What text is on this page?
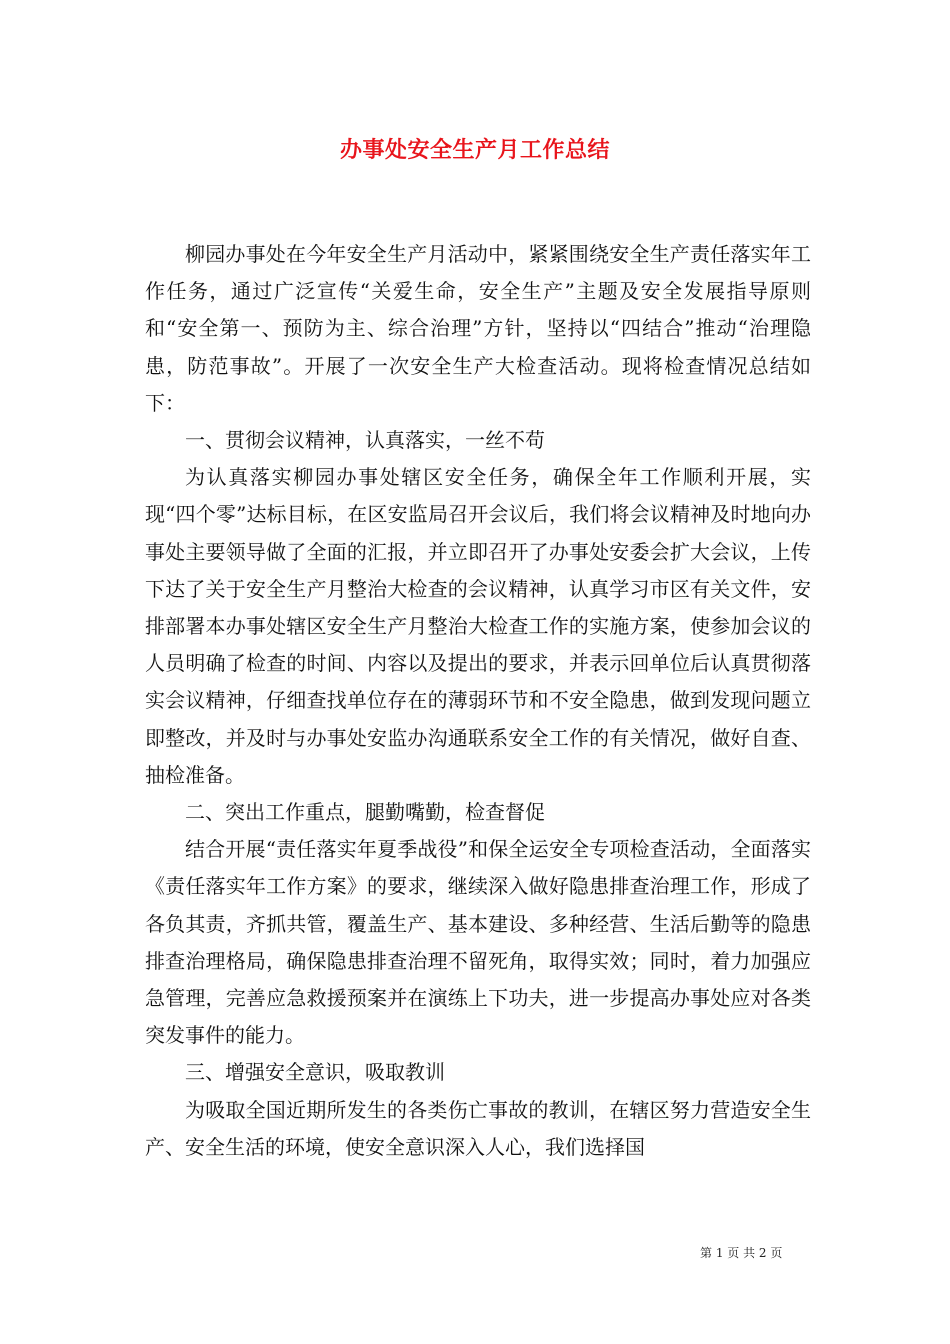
办事处安全生产月工作总结

柳园办事处在今年安全生产月活动中，紧紧围绕安全生产责任落实年工作任务，通过广泛宣传“关爱生命，安全生产”主题及安全发展指导原则和“安全第一、预防为主、综合治理”方针，坚持以“四结合”推动“治理隐患，防范事故”。开展了一次安全生产大检查活动。现将检查情况总结如下：

一、贯彻会议精神，认真落实，一丝不苟

为认真落实柳园办事处辖区安全任务，确保全年工作顺利开展，实现“四个零”达标目标，在区安监局召开会议后，我们将会议精神及时地向办事处主要领导做了全面的汇报，并立即召开了办事处安委会扩大会议，上传下达了关于安全生产月整治大检查的会议精神，认真学习市区有关文件，安排部署本办事处辖区安全生产月整治大检查工作的实施方案，使参加会议的人员明确了检查的时间、内容以及提出的要求，并表示回单位后认真贯彻落实会议精神，仔细查找单位存在的薄弱环节和不安全隐患，做到发现问题立即整改，并及时与办事处安监办沟通联系安全工作的有关情况，做好自查、抽检准备。

二、突出工作重点，腿勤嘴勤，检查督促

结合开展“责任落实年夏季战役”和保全运安全专项检查活动，全面落实《责任落实年工作方案》的要求，继续深入做好隐患排查治理工作，形成了各负其责，齐抓共管，覆盖生产、基本建设、多种经营、生活后勤等的隐患排查治理格局，确保隐患排查治理不留死角，取得实效；同时，着力加强应急管理，完善应急救援预案并在演练上下功夫，进一步提高办事处应对各类突发事件的能力。

三、增强安全意识，吸取教训

为吸取全国近期所发生的各类伤亡事故的教训，在辖区努力营造安全生产、安全生活的环境，使安全意识深入人心，我们选择国

第 1 页 共 2 页
